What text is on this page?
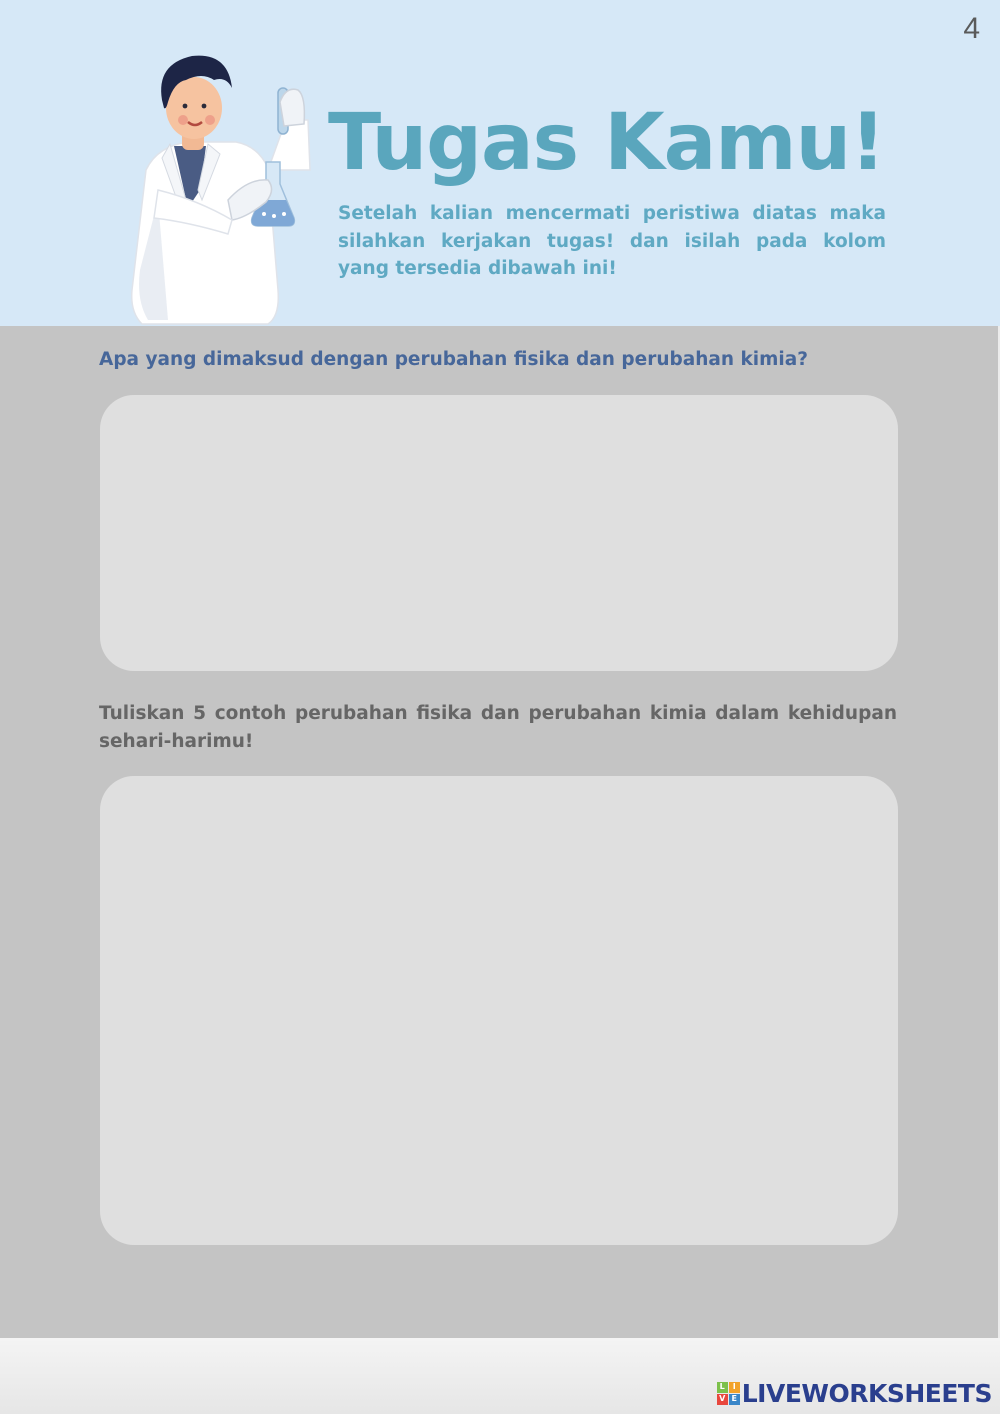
4
Tugas Kamu!
Setelah kalian mencermati peristiwa diatas maka silahkan kerjakan tugas! dan isilah pada kolom yang tersedia dibawah ini!
Apa yang dimaksud dengan perubahan fisika dan perubahan kimia?
Tuliskan 5 contoh perubahan fisika dan perubahan kimia dalam kehidupan sehari-harimu!
L I
V E LIVEWORKSHEETS
